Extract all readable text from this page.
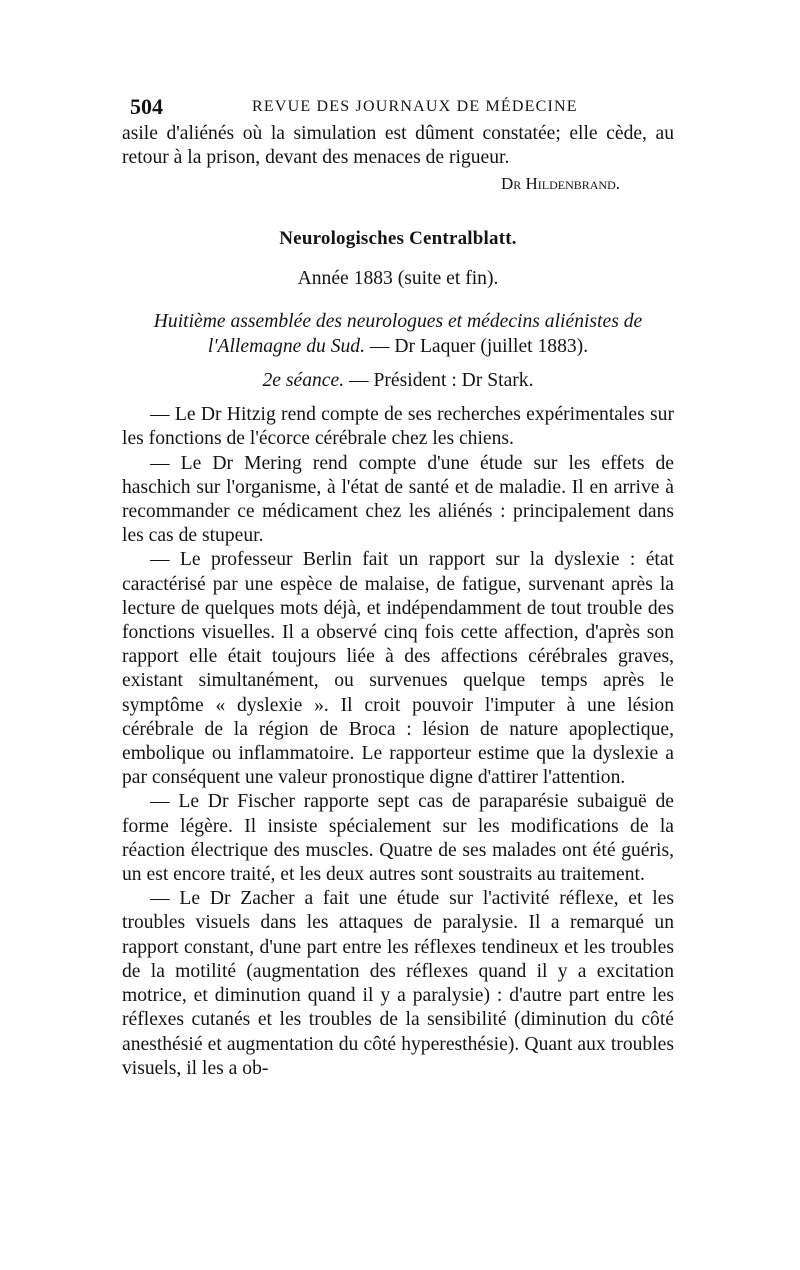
504	REVUE DES JOURNAUX DE MÉDECINE

asile d'aliénés où la simulation est dûment constatée; elle cède, au retour à la prison, devant des menaces de rigueur.

Dr Hildenbrand.

Neurologisches Centralblatt.

Année 1883 (suite et fin).

Huitième assemblée des neurologues et médecins aliénistes de l'Allemagne du Sud. — Dr Laquer (juillet 1883).

2e séance. — Président : Dr Stark.

— Le Dr Hitzig rend compte de ses recherches expérimentales sur les fonctions de l'écorce cérébrale chez les chiens.

— Le Dr Mering rend compte d'une étude sur les effets de haschich sur l'organisme, à l'état de santé et de maladie. Il en arrive à recommander ce médicament chez les aliénés : principalement dans les cas de stupeur.

— Le professeur Berlin fait un rapport sur la dyslexie : état caractérisé par une espèce de malaise, de fatigue, survenant après la lecture de quelques mots déjà, et indépendamment de tout trouble des fonctions visuelles. Il a observé cinq fois cette affection, d'après son rapport elle était toujours liée à des affections cérébrales graves, existant simultanément, ou survenues quelque temps après le symptôme « dyslexie ». Il croit pouvoir l'imputer à une lésion cérébrale de la région de Broca : lésion de nature apoplectique, embolique ou inflammatoire. Le rapporteur estime que la dyslexie a par conséquent une valeur pronostique digne d'attirer l'attention.

— Le Dr Fischer rapporte sept cas de paraparésie subaiguë de forme légère. Il insiste spécialement sur les modifications de la réaction électrique des muscles. Quatre de ses malades ont été guéris, un est encore traité, et les deux autres sont soustraits au traitement.

— Le Dr Zacher a fait une étude sur l'activité réflexe, et les troubles visuels dans les attaques de paralysie. Il a remarqué un rapport constant, d'une part entre les réflexes tendineux et les troubles de la motilité (augmentation des réflexes quand il y a excitation motrice, et diminution quand il y a paralysie) : d'autre part entre les réflexes cutanés et les troubles de la sensibilité (diminution du côté anesthésié et augmentation du côté hyperesthésie). Quant aux troubles visuels, il les a ob-
